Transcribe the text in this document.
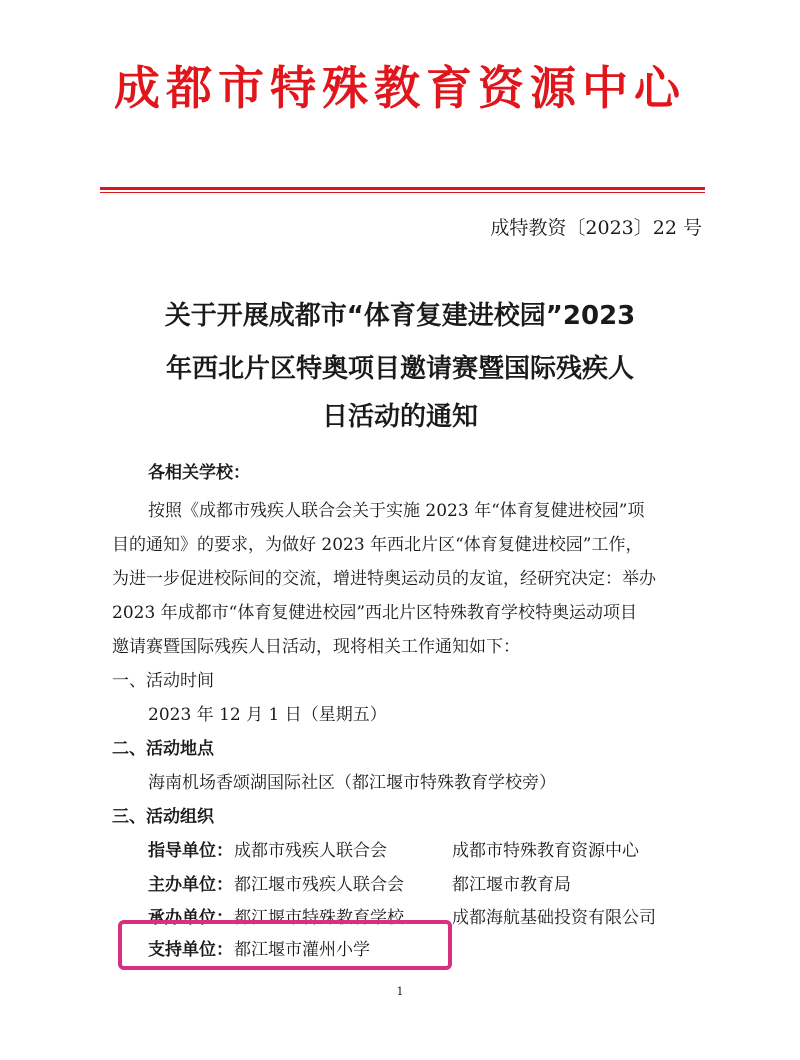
成都市特殊教育资源中心
成特教资〔2023〕22 号
关于开展成都市“体育复建进校园”2023
年西北片区特奥项目邀请赛暨国际残疾人
日活动的通知
各相关学校：
按照《成都市残疾人联合会关于实施 2023 年“体育复健进校园”项
目的通知》的要求，为做好 2023 年西北片区“体育复健进校园”工作，
为进一步促进校际间的交流，增进特奥运动员的友谊，经研究决定：举办
2023 年成都市“体育复健进校园”西北片区特殊教育学校特奥运动项目
邀请赛暨国际残疾人日活动，现将相关工作通知如下：
一、活动时间
2023 年 12 月 1 日（星期五）
二、活动地点
海南机场香颂湖国际社区（都江堰市特殊教育学校旁）
三、活动组织
指导单位： 成都市残疾人联合会	成都市特殊教育资源中心
主办单位： 都江堰市残疾人联合会	都江堰市教育局
承办单位： 都江堰市特殊教育学校	成都海航基础投资有限公司
支持单位： 都江堰市灌州小学
1
